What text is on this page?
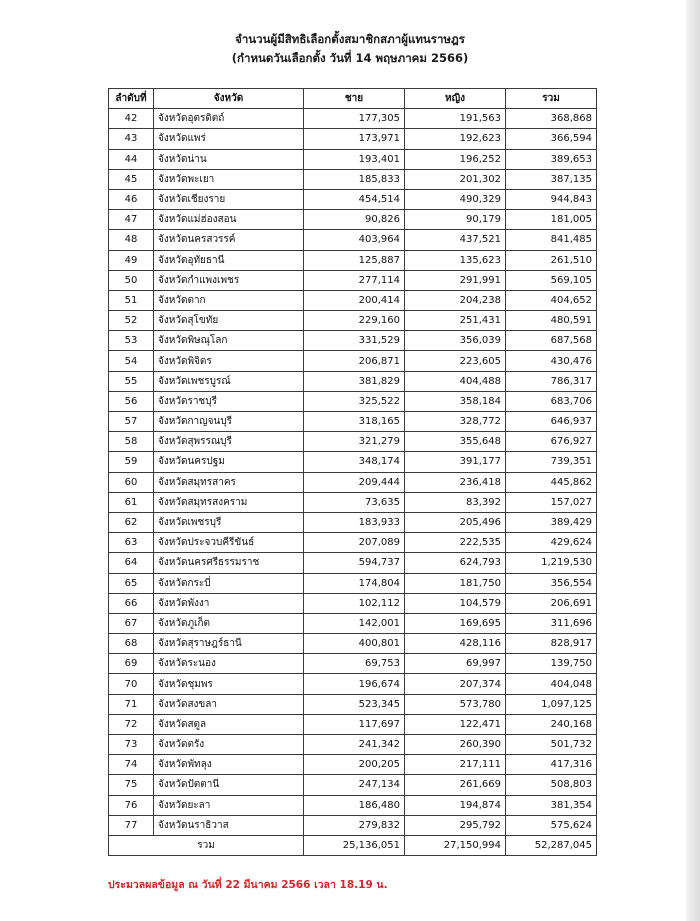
จำนวนผู้มีสิทธิเลือกตั้งสมาชิกสภาผู้แทนราษฎร
(กำหนดวันเลือกตั้ง วันที่ 14 พฤษภาคม 2566)
ลำดับที่	จังหวัด	ชาย	หญิง	รวม
42	จังหวัดอุตรดิตถ์	177,305	191,563	368,868
43	จังหวัดแพร่	173,971	192,623	366,594
44	จังหวัดน่าน	193,401	196,252	389,653
45	จังหวัดพะเยา	185,833	201,302	387,135
46	จังหวัดเชียงราย	454,514	490,329	944,843
47	จังหวัดแม่ฮ่องสอน	90,826	90,179	181,005
48	จังหวัดนครสวรรค์	403,964	437,521	841,485
49	จังหวัดอุทัยธานี	125,887	135,623	261,510
50	จังหวัดกำแพงเพชร	277,114	291,991	569,105
51	จังหวัดตาก	200,414	204,238	404,652
52	จังหวัดสุโขทัย	229,160	251,431	480,591
53	จังหวัดพิษณุโลก	331,529	356,039	687,568
54	จังหวัดพิจิตร	206,871	223,605	430,476
55	จังหวัดเพชรบูรณ์	381,829	404,488	786,317
56	จังหวัดราชบุรี	325,522	358,184	683,706
57	จังหวัดกาญจนบุรี	318,165	328,772	646,937
58	จังหวัดสุพรรณบุรี	321,279	355,648	676,927
59	จังหวัดนครปฐม	348,174	391,177	739,351
60	จังหวัดสมุทรสาคร	209,444	236,418	445,862
61	จังหวัดสมุทรสงคราม	73,635	83,392	157,027
62	จังหวัดเพชรบุรี	183,933	205,496	389,429
63	จังหวัดประจวบคีรีขันธ์	207,089	222,535	429,624
64	จังหวัดนครศรีธรรมราช	594,737	624,793	1,219,530
65	จังหวัดกระบี่	174,804	181,750	356,554
66	จังหวัดพังงา	102,112	104,579	206,691
67	จังหวัดภูเก็ต	142,001	169,695	311,696
68	จังหวัดสุราษฎร์ธานี	400,801	428,116	828,917
69	จังหวัดระนอง	69,753	69,997	139,750
70	จังหวัดชุมพร	196,674	207,374	404,048
71	จังหวัดสงขลา	523,345	573,780	1,097,125
72	จังหวัดสตูล	117,697	122,471	240,168
73	จังหวัดตรัง	241,342	260,390	501,732
74	จังหวัดพัทลุง	200,205	217,111	417,316
75	จังหวัดปัตตานี	247,134	261,669	508,803
76	จังหวัดยะลา	186,480	194,874	381,354
77	จังหวัดนราธิวาส	279,832	295,792	575,624
รวม		25,136,051	27,150,994	52,287,045
ประมวลผลข้อมูล ณ วันที่ 22 มีนาคม 2566 เวลา 18.19 น.
